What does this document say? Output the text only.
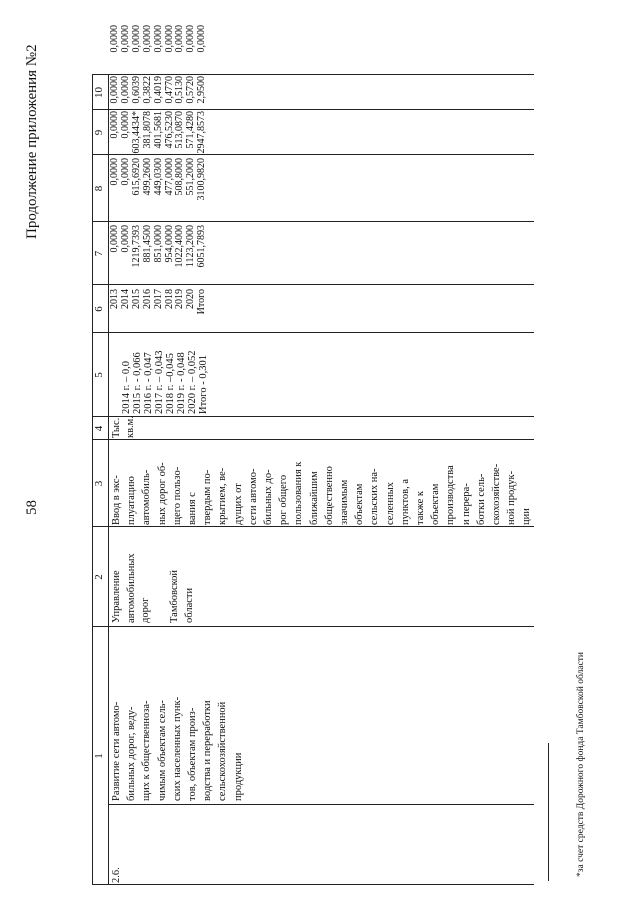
58
Продолжение приложения №2
*за счет средств Дорожного фонда Тамбовской области
1
2
3
4
5
6
7
8
9
10
2.6.
Развитие сети автомо- бильных дорог, веду- щих к общественноза- чимым объектам сель- ских населенных пунк- тов, объектам произ- водства и переработки сельскохозяйственной продукции
Управление автомобильных дорог Тамбовской области
Ввод в экс- плуатацию автомобиль- ных дорог об- щего пользо- вания с твердым по- крытием, ве- дущих от сети автомо- бильных до- рог общего пользования к ближайшим общественно значимым объектам сельских на- селенных пунктов, а также к объектам производства и перера- ботки сель- скохозяйстве- ной продук- ции
Тыс. кв.м.
2014 г. – 0,0 2015 г. - 0,066 2016 г. - 0,047 2017 г. – 0,043 2018 г. –0,045 2019 г. - 0,048 2020 г. – 0,052 Итого - 0,301
2013 2014 2015 2016 2017 2018 2019 2020 Итого
0,0000 0,0000 1219,7393 881,4500 851,0000 954,0000 1022,4000 1123,2000 6051,7893
0,0000 0,0000 615,6920 499,2600 449,0300 477,0000 508,8000 551,2000 3100,9820
0,0000 0,0000 603,4434* 381,8078 401,5681 476,5230 513,0870 571,4280 2947,8573
0,0000 0,0000 0,6039 0,3822 0,4019 0,4770 0,5130 0,5720 2,9500
0,0000 0,0000 0,0000 0,0000 0,0000 0,0000 0,0000 0,0000 0,0000
